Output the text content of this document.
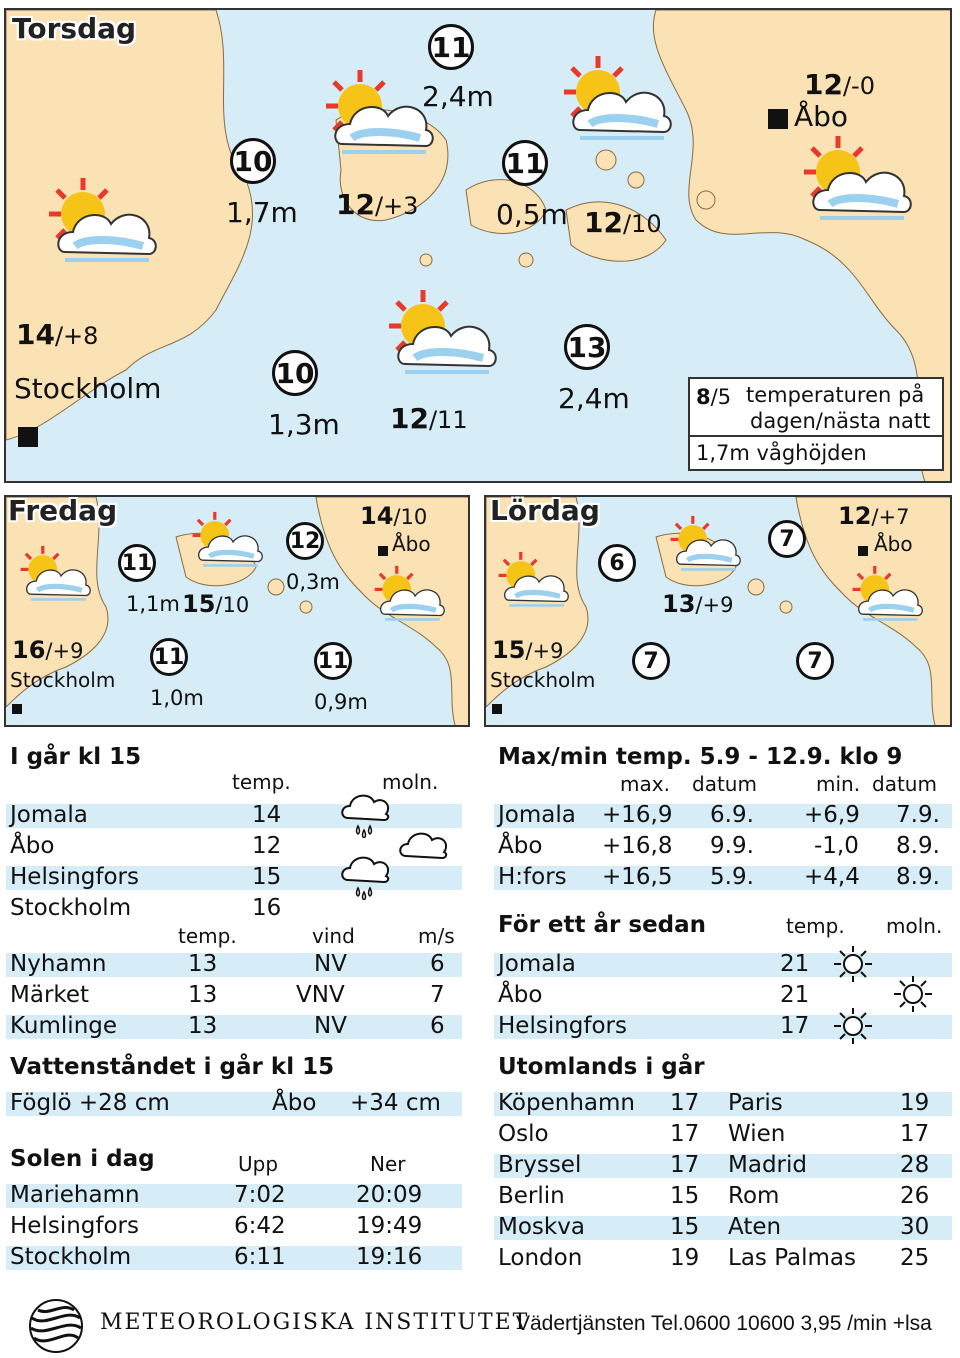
Torsdag
11
2,4m
10
1,7m
11
0,5m
10
1,3m
13
2,4m
12/+3	12/10
12/-0
14/+8
12/11
Stockholm
Åbo
8/5 temperaturen på
dagen/nästa natt
1,7m våghöjden
Fredag
11
1,1m
12
0,3m
11
1,0m
11
0,9m
14/10
15/10
16/+9
Stockholm
Åbo
Lördag
6
7
7	7
12/+7
13/+9
15/+9
Stockholm
Åbo
I går kl 15
temp.	moln.
Jomala	14
Åbo	12
Helsingfors	15
Stockholm	16
temp.	vind	m/s
Nyhamn	13	NV	6
Märket	13	VNV	7
Kumlinge	13	NV	6
Vattenståndet i går kl 15
Föglö +28 cm	Åbo +34 cm
Solen i dag	Upp	Ner
Mariehamn	7:02	20:09
Helsingfors	6:42	19:49
Stockholm	6:11	19:16
Max/min temp. 5.9 - 12.9. klo 9
max. datum	min. datum
Jomala +16,9 6.9. +6,9 7.9.
Åbo	+16,8 9.9.	-1,0 8.9.
H:fors +16,5 5.9. +4,4 8.9.
För ett år sedan	temp. moln.
Jomala	21
Åbo	21
Helsingfors	17
Utomlands i går
Köpenhamn 17 Paris	19
Oslo	17 Wien	17
Bryssel	17 Madrid	28
Berlin	15 Rom	26
Moskva	15 Aten	30
London	19 Las Palmas 25
METEOROLOGISKA INSTITUTET
Vädertjänsten Tel.0600 10600 3,95 /min +lsa
